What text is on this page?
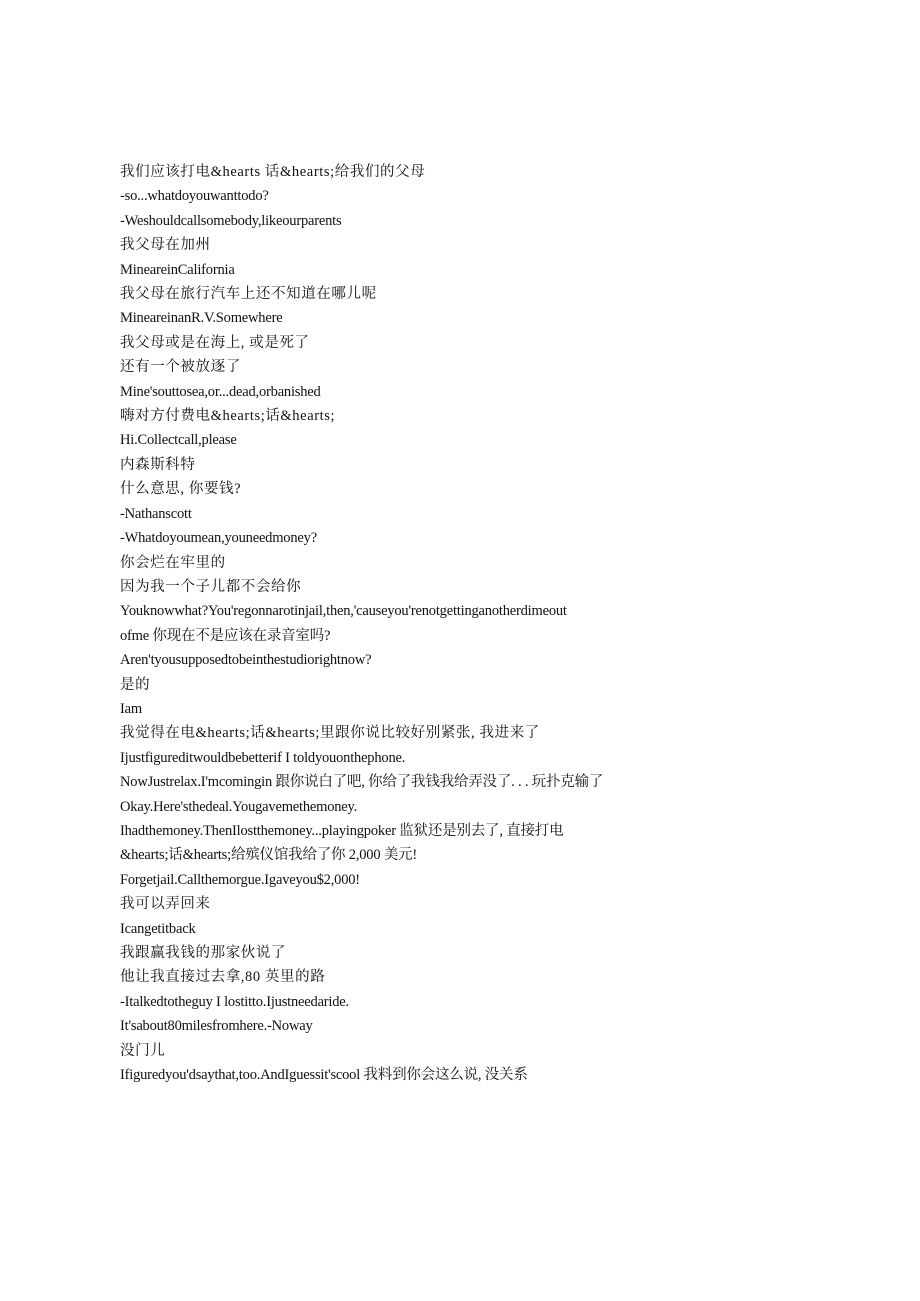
我们应该打电&hearts 话&hearts;给我们的父母
-so...whatdoyouwanttodo?
-Weshouldcallsomebody,likeourparents
我父母在加州
MineareinCalifornia
我父母在旅行汽车上还不知道在哪儿呢
MineareinanR.V.Somewhere
我父母或是在海上, 或是死了
还有一个被放逐了
Mine'souttosea,or...dead,orbanished
嗨对方付费电&hearts;话&hearts;
Hi.Collectcall,please
内森斯科特
什么意思, 你要钱?
-Nathanscott
-Whatdoyoumean,youneedmoney?
你会烂在牢里的
因为我一个子儿都不会给你
Youknowwhat?You'regonnarotinjail,then,'causeyou'renotgettinganotherdimeout
ofme 你现在不是应该在录音室吗?
Aren'tyousupposedtobeinthestudiorightnow?
是的
Iam
我觉得在电&hearts;话&hearts;里跟你说比较好别紧张, 我进来了
Ijustfigureditwouldbebetterif I toldyouonthephone.
NowJustrelax.I'mcomingin 跟你说白了吧, 你给了我钱我给弄没了. . . 玩扑克输了
Okay.Here'sthedeal.Yougavemethemoney.
Ihadthemoney.ThenIlostthemoney...playingpoker 监狱还是别去了, 直接打电
&hearts;话&hearts;给殡仪馆我给了你 2,000 美元!
Forgetjail.Callthemorgue.Igaveyou$2,000!
我可以弄回来
Icangetitback
我跟赢我钱的那家伙说了
他让我直接过去拿,80 英里的路
-Italkedtotheguy I lostitto.Ijustneedaride.
It'sabout80milesfromhere.-Noway
没门儿
Ifiguredyou'dsaythat,too.AndIguessit'scool 我料到你会这么说, 没关系
